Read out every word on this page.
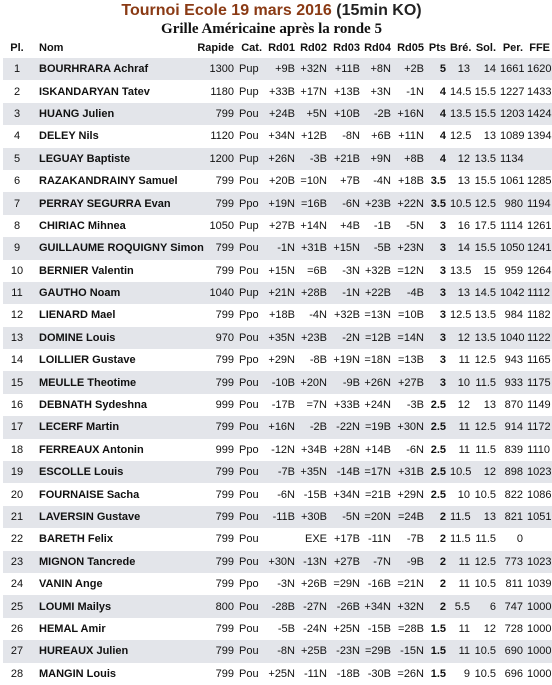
Tournoi Ecole 19 mars 2016 (15min KO)
Grille Américaine après la ronde 5
Pl.	Nom	Rapide	Cat.	Rd01	Rd02	Rd03	Rd04	Rd05	Pts	Bré.	Sol.	Per.	FFE
1	BOURHRARA Achraf	1300	Pup	+9B	+32N	+11B	+8N	+2B	5	13	14	1661	1620
2	ISKANDARYAN Tatev	1180	Pup	+33B	+17N	+13B	+3N	-1N	4	14.5	15.5	1227	1433
3	HUANG Julien	799	Pou	+24B	+5N	+10B	-2B	+16N	4	13.5	15.5	1203	1424
4	DELEY Nils	1120	Pou	+34N	+12B	-8N	+6B	+11N	4	12.5	13	1089	1394
5	LEGUAY Baptiste	1200	Pup	+26N	-3B	+21B	+9N	+8B	4	12	13.5	1134	
6	RAZAKANDRAINY Samuel	799	Pou	+20B	=10N	+7B	-4N	+18B	3.5	13	15.5	1061	1285
7	PERRAY SEGURRA Evan	799	Ppo	+19N	=16B	-6N	+23B	+22N	3.5	10.5	12.5	980	1194
8	CHIRIAC Mihnea	1050	Pup	+27B	+14N	+4B	-1B	-5N	3	16	17.5	1114	1261
9	GUILLAUME ROQUIGNY Simon	799	Pou	-1N	+31B	+15N	-5B	+23N	3	14	15.5	1050	1241
10	BERNIER Valentin	799	Pou	+15N	=6B	-3N	+32B	=12N	3	13.5	15	959	1264
11	GAUTHO Noam	1040	Pup	+21N	+28B	-1N	+22B	-4B	3	13	14.5	1042	1112
12	LIENARD Mael	799	Ppo	+18B	-4N	+32B	=13N	=10B	3	12.5	13.5	984	1182
13	DOMINE Louis	970	Pou	+35N	+23B	-2N	=12B	=14N	3	12	13.5	1040	1122
14	LOILLIER Gustave	799	Ppo	+29N	-8B	+19N	=18N	=13B	3	11	12.5	943	1165
15	MEULLE Theotime	799	Pou	-10B	+20N	-9B	+26N	+27B	3	10	11.5	933	1175
16	DEBNATH Sydeshna	999	Pou	-17B	=7N	+33B	+24N	-3B	2.5	12	13	870	1149
17	LECERF Martin	799	Pou	+16N	-2B	-22N	=19B	+30N	2.5	11	12.5	914	1172
18	FERREAUX Antonin	999	Ppo	-12N	+34B	+28N	+14B	-6N	2.5	11	11.5	839	1110
19	ESCOLLE Louis	799	Pou	-7B	+35N	-14B	=17N	+31B	2.5	10.5	12	898	1023
20	FOURNAISE Sacha	799	Pou	-6N	-15B	+34N	=21B	+29N	2.5	10	10.5	822	1086
21	LAVERSIN Gustave	799	Pou	-11B	+30B	-5N	=20N	=24B	2	11.5	13	821	1051
22	BARETH Felix	799	Pou		EXE	+17B	-11N	-7B	2	11.5	11.5	0	
23	MIGNON Tancrede	799	Pou	+30N	-13N	+27B	-7N	-9B	2	11	12.5	773	1023
24	VANIN Ange	799	Ppo	-3N	+26B	=29N	-16B	=21N	2	11	10.5	811	1039
25	LOUMI Mailys	800	Pou	-28B	-27N	-26B	+34N	+32N	2	5.5	6	747	1000
26	HEMAL Amir	799	Pou	-5B	-24N	+25N	-15B	=28B	1.5	11	12	728	1000
27	HUREAUX Julien	799	Pou	-8N	+25B	-23N	=29B	-15N	1.5	11	10.5	690	1000
28	MANGIN Louis	799	Pou	+25N	-11N	-18B	-30B	=26N	1.5	9	10.5	696	1000
